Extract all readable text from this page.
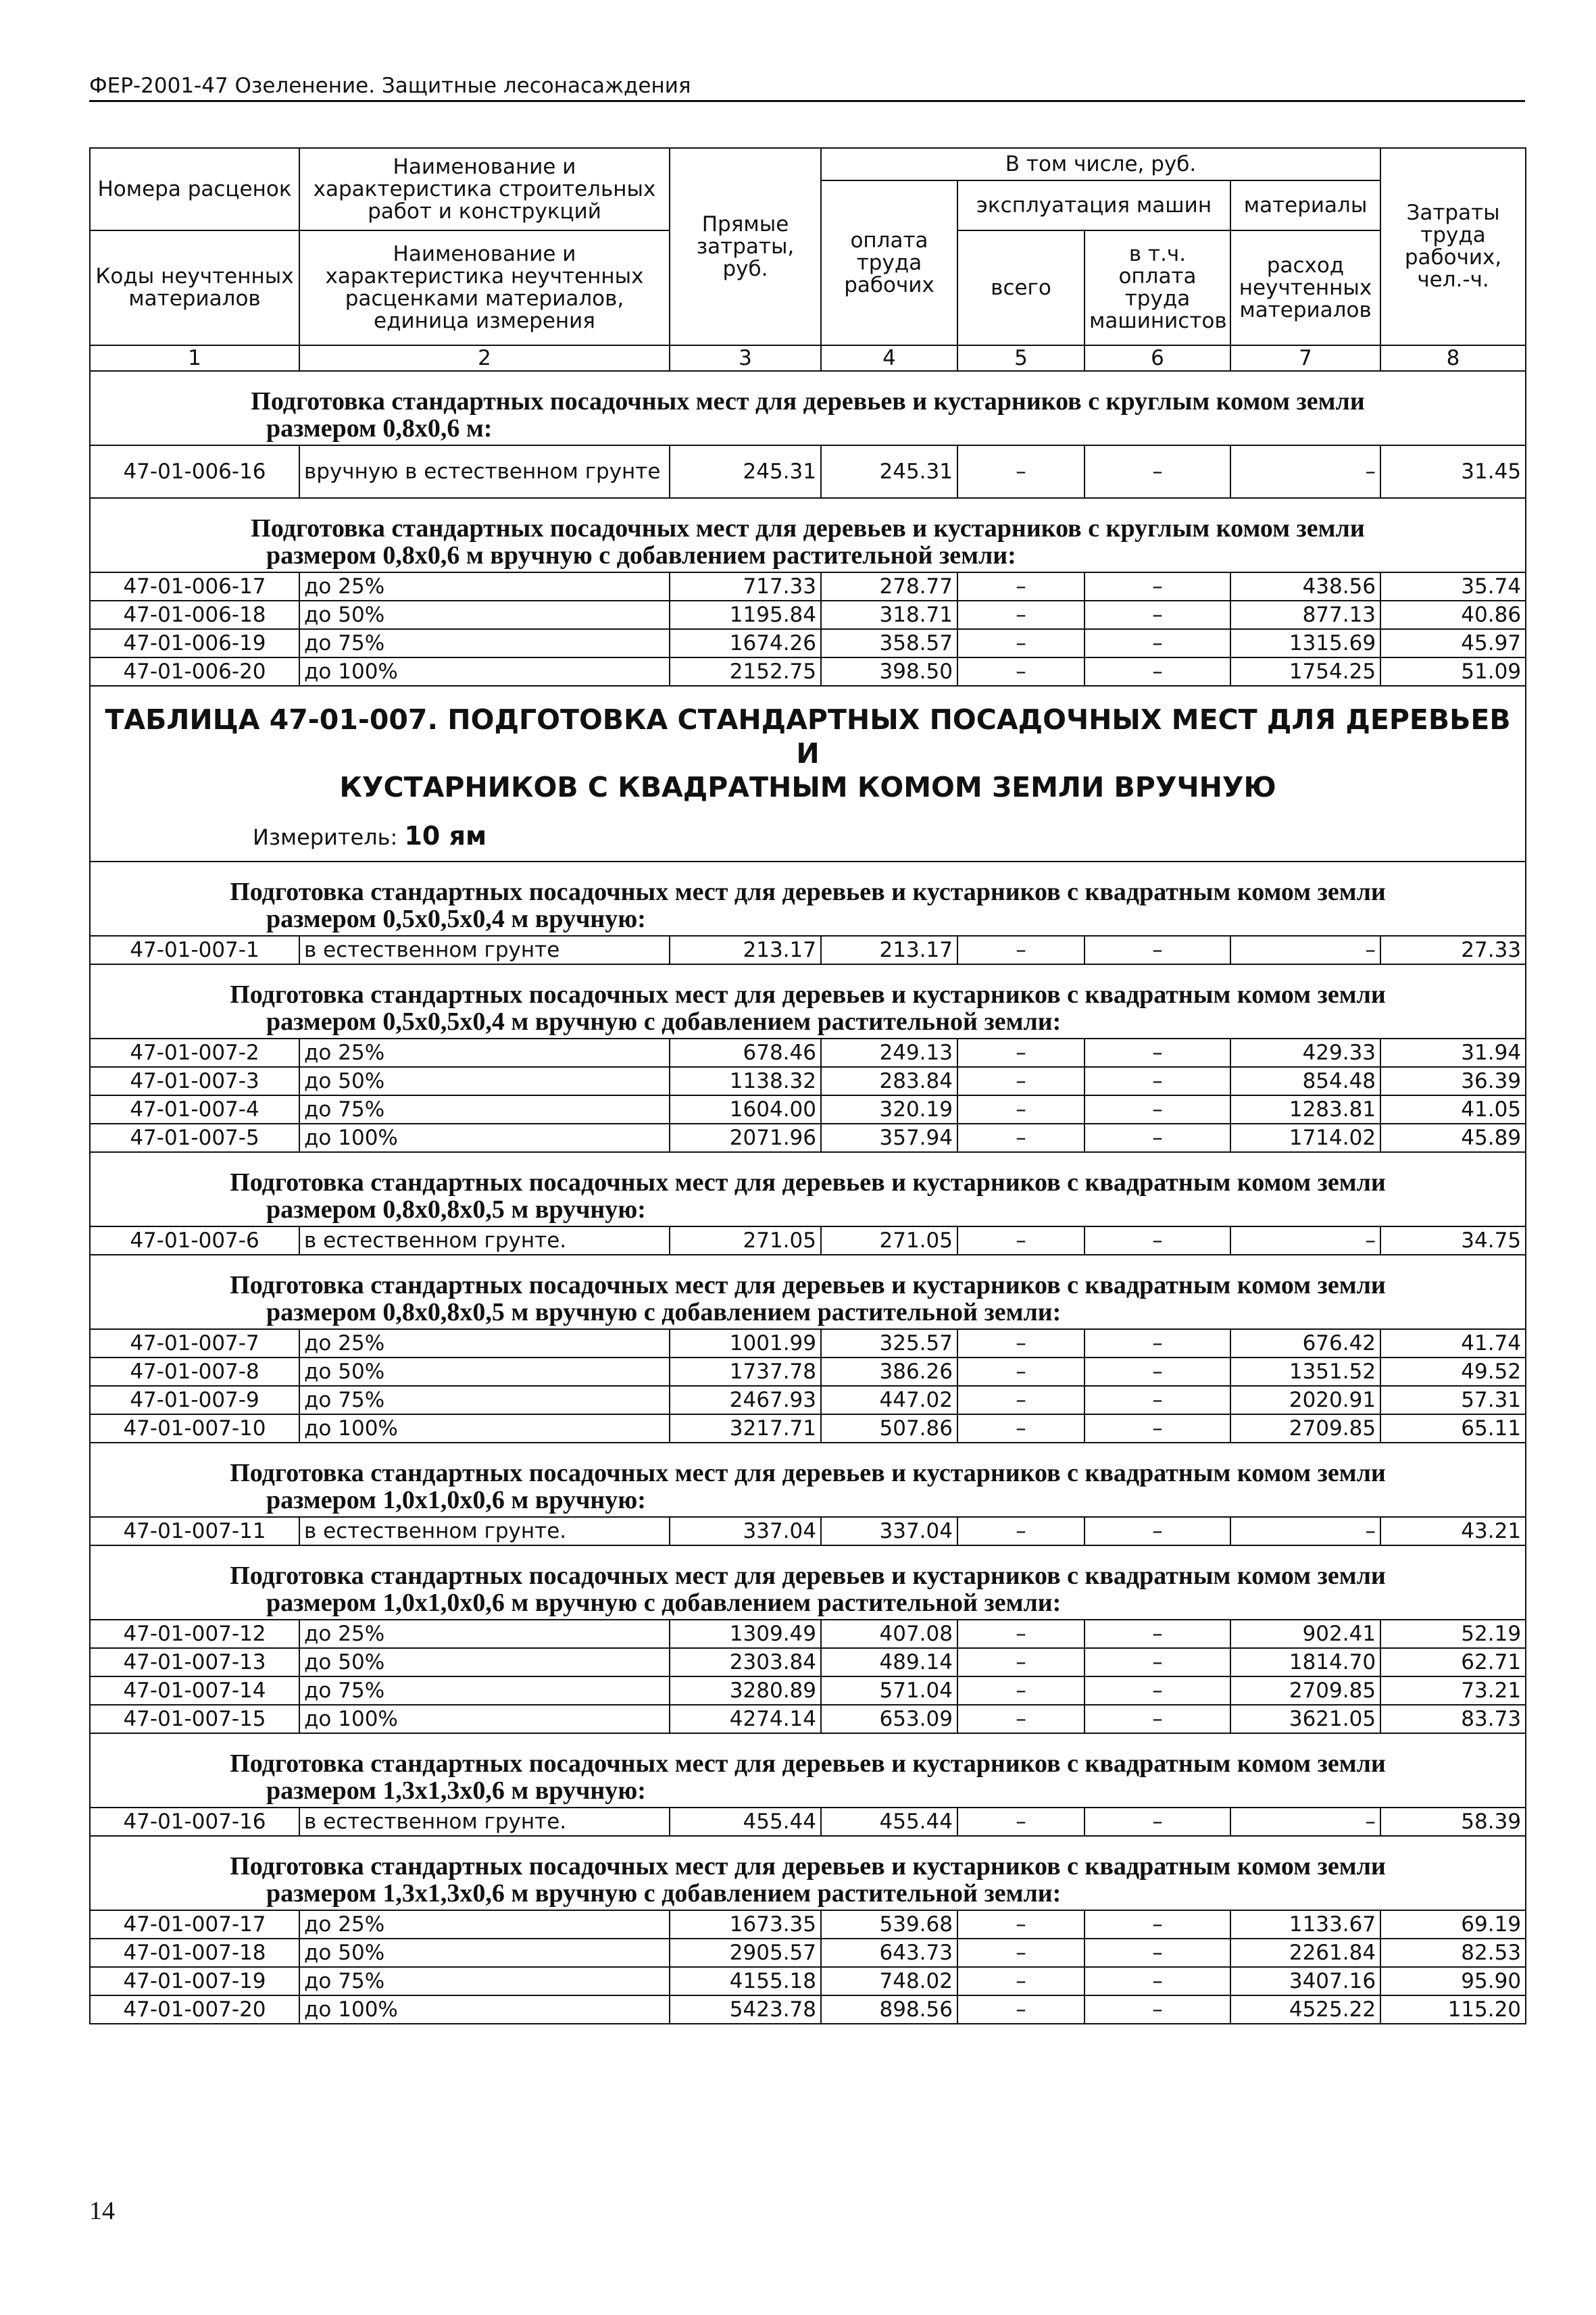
ФЕР-2001-47 Озеленение. Защитные лесонасаждения
Номера расценок	Наименование и характеристика строительных работ и конструкций	Прямые затраты, руб.	В том числе, руб.				Затраты труда рабочих, чел.-ч.
			оплата труда рабочих	эксплуатация машин		материалы	
Коды неучтенных материалов	Наименование и характеристика неучтенных расценками материалов, единица измерения			всего	в т.ч. оплата труда машинистов	расход неучтенных материалов	

1	2	3	4	5	6	7	8

Подготовка стандартных посадочных мест для деревьев и кустарников с круглым комом земли
размером 0,8х0,6 м:							

47-01-006-16	вручную в естественном грунте	245.31	245.31	–	–	–	31.45

Подготовка стандартных посадочных мест для деревьев и кустарников с круглым комом земли
размером 0,8х0,6 м вручную с добавлением растительной земли:							

47-01-006-17	до 25%	717.33	278.77	–	–	438.56	35.74
47-01-006-18	до 50%	1195.84	318.71	–	–	877.13	40.86
47-01-006-19	до 75%	1674.26	358.57	–	–	1315.69	45.97
47-01-006-20	до 100%	2152.75	398.50	–	–	1754.25	51.09

ТАБЛИЦА 47-01-007. ПОДГОТОВКА СТАНДАРТНЫХ ПОСАДОЧНЫХ МЕСТ ДЛЯ ДЕРЕВЬЕВ И
КУСТАРНИКОВ С КВАДРАТНЫМ КОМОМ ЗЕМЛИ ВРУЧНУЮ
Измеритель: 10 ям							

Подготовка стандартных посадочных мест для деревьев и кустарников с квадратным комом земли
размером 0,5х0,5х0,4 м вручную:							

47-01-007-1	в естественном грунте	213.17	213.17	–	–	–	27.33

Подготовка стандартных посадочных мест для деревьев и кустарников с квадратным комом земли
размером 0,5х0,5х0,4 м вручную с добавлением растительной земли:							

47-01-007-2	до 25%	678.46	249.13	–	–	429.33	31.94
47-01-007-3	до 50%	1138.32	283.84	–	–	854.48	36.39
47-01-007-4	до 75%	1604.00	320.19	–	–	1283.81	41.05
47-01-007-5	до 100%	2071.96	357.94	–	–	1714.02	45.89

Подготовка стандартных посадочных мест для деревьев и кустарников с квадратным комом земли
размером 0,8х0,8х0,5 м вручную:							

47-01-007-6	в естественном грунте.	271.05	271.05	–	–	–	34.75

Подготовка стандартных посадочных мест для деревьев и кустарников с квадратным комом земли
размером 0,8х0,8х0,5 м вручную с добавлением растительной земли:							

47-01-007-7	до 25%	1001.99	325.57	–	–	676.42	41.74
47-01-007-8	до 50%	1737.78	386.26	–	–	1351.52	49.52
47-01-007-9	до 75%	2467.93	447.02	–	–	2020.91	57.31
47-01-007-10	до 100%	3217.71	507.86	–	–	2709.85	65.11

Подготовка стандартных посадочных мест для деревьев и кустарников с квадратным комом земли
размером 1,0х1,0х0,6 м вручную:							

47-01-007-11	в естественном грунте.	337.04	337.04	–	–	–	43.21

Подготовка стандартных посадочных мест для деревьев и кустарников с квадратным комом земли
размером 1,0х1,0х0,6 м вручную с добавлением растительной земли:							

47-01-007-12	до 25%	1309.49	407.08	–	–	902.41	52.19
47-01-007-13	до 50%	2303.84	489.14	–	–	1814.70	62.71
47-01-007-14	до 75%	3280.89	571.04	–	–	2709.85	73.21
47-01-007-15	до 100%	4274.14	653.09	–	–	3621.05	83.73

Подготовка стандартных посадочных мест для деревьев и кустарников с квадратным комом земли
размером 1,3х1,3х0,6 м вручную:							

47-01-007-16	в естественном грунте.	455.44	455.44	–	–	–	58.39

Подготовка стандартных посадочных мест для деревьев и кустарников с квадратным комом земли
размером 1,3х1,3х0,6 м вручную с добавлением растительной земли:							

47-01-007-17	до 25%	1673.35	539.68	–	–	1133.67	69.19
47-01-007-18	до 50%	2905.57	643.73	–	–	2261.84	82.53
47-01-007-19	до 75%	4155.18	748.02	–	–	3407.16	95.90
47-01-007-20	до 100%	5423.78	898.56	–	–	4525.22	115.20
14
